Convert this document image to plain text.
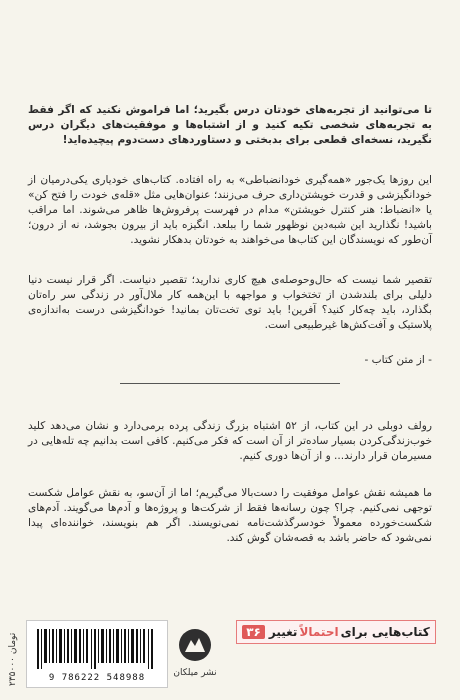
تا می‌توانید از تجربه‌های خودتان درس بگیرید؛ اما فراموش نکنید که اگر فقط به تجربه‌های شخصی تکیه کنید و از اشتباه‌ها و موفقیت‌های دیگران درس نگیرید، نسخه‌ای قطعی برای بدبختی و دستاوردهای دست‌دوم پیچیده‌اید!

این روزها یک‌جور «همه‌گیری خودانضباطی» به راه افتاده. کتاب‌های خودیاری یکی‌درمیان از خودانگیزشی و قدرت خویشتن‌داری حرف می‌زنند؛ عنوان‌هایی مثل «قله‌ی خودت را فتح کن» یا «انضباط: هنر کنترل خویشتن» مدام در فهرست پرفروش‌ها ظاهر می‌شوند. اما مراقب باشید! نگذارید این شبه‌دین نوظهور شما را ببلعد. انگیزه باید از بیرون بجوشد، نه از درون؛ آن‌طور که نویسندگان این کتاب‌ها می‌خواهند به خودتان بدهکار نشوید.

تقصیر شما نیست که حال‌وحوصله‌ی هیچ کاری ندارید؛ تقصیر دنیاست. اگر قرار نیست دنیا دلیلی برای بلندشدن از تختخواب و مواجهه با این‌همه کار ملال‌آور در زندگی سر راه‌تان بگذارد، باید چه‌کار کنید؟ آفرین! باید توی تخت‌تان بمانید! خودانگیزشی درست به‌اندازه‌ی پلاستیک و آفت‌کش‌ها غیرطبیعی است.

- از متن کتاب -

رولف دوبلی در این کتاب، از ۵۲ اشتباه بزرگ زندگی پرده برمی‌دارد و نشان می‌دهد کلید خوب‌زندگی‌کردن بسیار ساده‌تر از آن است که فکر می‌کنیم. کافی است بدانیم چه تله‌هایی در مسیرمان قرار دارند... و از آن‌ها دوری کنیم.

ما همیشه نقش عوامل موفقیت را دست‌بالا می‌گیریم؛ اما از آن‌سو، به نقش عوامل شکست توجهی نمی‌کنیم. چرا؟ چون رسانه‌ها فقط از شرکت‌ها و پروژه‌ها و آدم‌ها می‌گویند. آدم‌های شکست‌خورده معمولاً خودسرگذشت‌نامه نمی‌نویسند. اگر هم بنویسند، خواننده‌ای پیدا نمی‌شود که حاضر باشد به قصه‌شان گوش کند.

9 786222 548988
۲۳۵۰۰۰ تومان
نشر میلکان
کتاب‌هایی برای
احتمالاً
تغییر
۳۶
